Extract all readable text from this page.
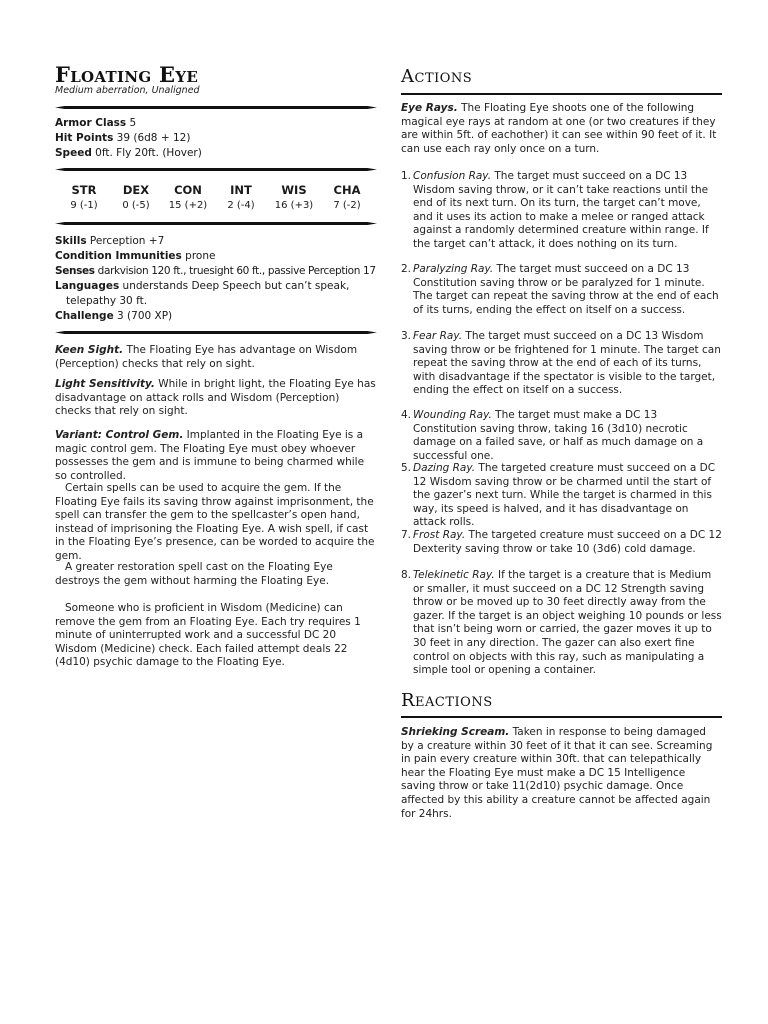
Floating Eye
Medium aberration, Unaligned
Armor Class 5
Hit Points 39 (6d8 + 12)
Speed 0ft. Fly 20ft. (Hover)
STR	DEX	CON	INT	WIS	CHA
9 (-1)	0 (-5)	15 (+2)	2 (-4)	16 (+3)	7 (-2)
Skills Perception +7
Condition Immunities prone
Senses darkvision 120 ft., truesight 60 ft., passive Perception 17
Languages understands Deep Speech but can’t speak,
telepathy 30 ft.
Challenge 3 (700 XP)

Keen Sight. The Floating Eye has advantage on Wisdom (Perception) checks that rely on sight.

Light Sensitivity. While in bright light, the Floating Eye has disadvantage on attack rolls and Wisdom (Perception) checks that rely on sight.

Variant: Control Gem. Implanted in the Floating Eye is a magic control gem. The Floating Eye must obey whoever possesses the gem and is immune to being charmed while so controlled.

Certain spells can be used to acquire the gem. If the Floating Eye fails its saving throw against imprisonment, the spell can transfer the gem to the spellcaster’s open hand, instead of imprisoning the Floating Eye. A wish spell, if cast in the Floating Eye’s presence, can be worded to acquire the gem.

A greater restoration spell cast on the Floating Eye destroys the gem without harming the Floating Eye.

Someone who is proficient in Wisdom (Medicine) can remove the gem from an Floating Eye. Each try requires 1 minute of uninterrupted work and a successful DC 20 Wisdom (Medicine) check. Each failed attempt deals 22 (4d10) psychic damage to the Floating Eye.

Actions

Eye Rays. The Floating Eye shoots one of the following magical eye rays at random at one (or two creatures if they are within 5ft. of eachother) it can see within 90 feet of it. It can use each ray only once on a turn.

1. Confusion Ray. The target must succeed on a DC 13 Wisdom saving throw, or it can’t take reactions until the end of its next turn. On its turn, the target can’t move, and it uses its action to make a melee or ranged attack against a randomly determined creature within range. If the target can’t attack, it does nothing on its turn.
2. Paralyzing Ray. The target must succeed on a DC 13 Constitution saving throw or be paralyzed for 1 minute. The target can repeat the saving throw at the end of each of its turns, ending the effect on itself on a success.
3. Fear Ray. The target must succeed on a DC 13 Wisdom saving throw or be frightened for 1 minute. The target can repeat the saving throw at the end of each of its turns, with disadvantage if the spectator is visible to the target, ending the effect on itself on a success.
4. Wounding Ray. The target must make a DC 13 Constitution saving throw, taking 16 (3d10) necrotic damage on a failed save, or half as much damage on a successful one.
5. Dazing Ray. The targeted creature must succeed on a DC 12 Wisdom saving throw or be charmed until the start of the gazer’s next turn. While the target is charmed in this way, its speed is halved, and it has disadvantage on attack rolls.
7. Frost Ray. The targeted creature must succeed on a DC 12 Dexterity saving throw or take 10 (3d6) cold damage.
8. Telekinetic Ray. If the target is a creature that is Medium or smaller, it must succeed on a DC 12 Strength saving throw or be moved up to 30 feet directly away from the gazer. If the target is an object weighing 10 pounds or less that isn’t being worn or carried, the gazer moves it up to 30 feet in any direction. The gazer can also exert fine control on objects with this ray, such as manipulating a simple tool or opening a container.
Reactions

Shrieking Scream. Taken in response to being damaged by a creature within 30 feet of it that it can see. Screaming in pain every creature within 30ft. that can telepathically hear the Floating Eye must make a DC 15 Intelligence saving throw or take 11(2d10) psychic damage. Once affected by this ability a creature cannot be affected again for 24hrs.
